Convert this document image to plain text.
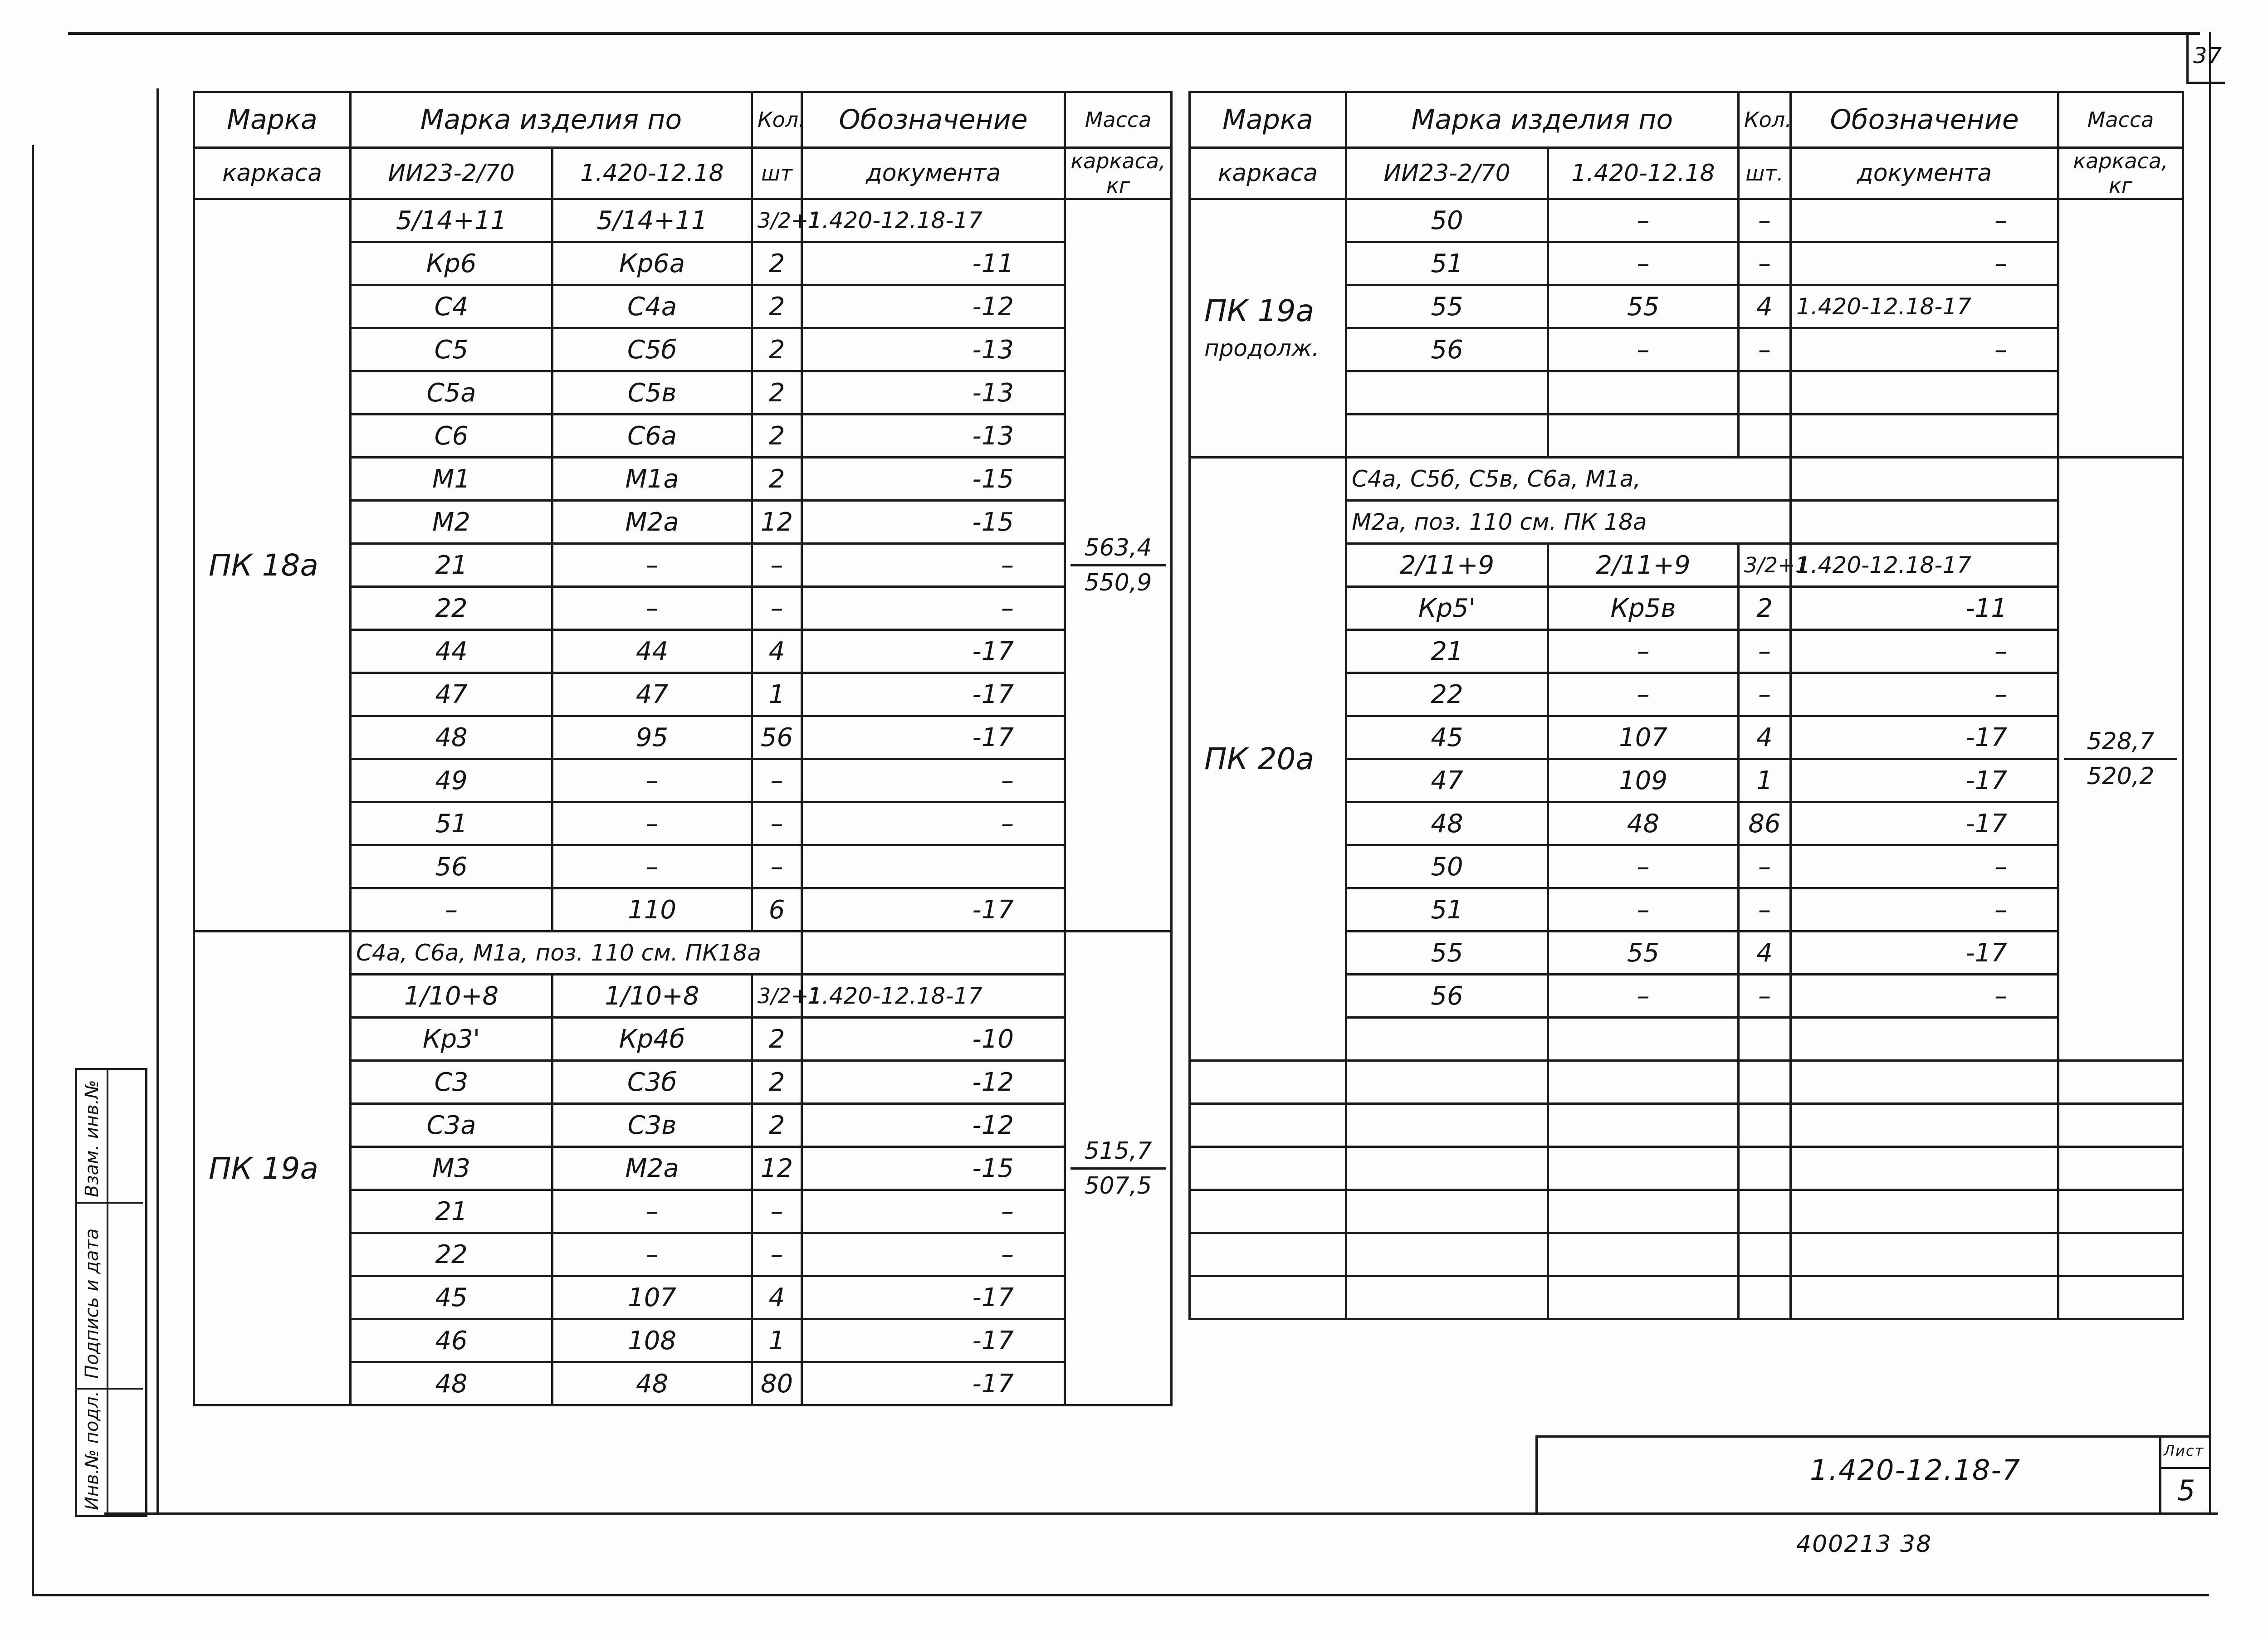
37
Инв.№ подл.
Подпись и дата
Взам. инв.№
Марка	Марка изделия по		Кол.	Обозначение	Масса
каркаса	ИИ23-2/70	1.420-12.18	шт	документа	каркаса,
кг
ПК 18а	5/14+11	5/14+11	3/2+1	1.420-12.18-17	563,4
550,9

	Кр6	Кр6а	2	-11	
	С4	С4а	2	-12	
	С5	С5б	2	-13	
	С5а	С5в	2	-13	
	С6	С6а	2	-13	
	М1	М1а	2	-15	
	М2	М2а	12	-15	
	21	–	–	–	
	22	–	–	–	
	44	44	4	-17	
	47	47	1	-17	
	48	95	56	-17	
	49	–	–	–	
	51	–	–	–	
	56	–	–		
	–	110	6	-17	
ПК 19а	С4а, С6а, М1а, поз. 110 см. ПК18а				515,7
507,5

	1/10+8	1/10+8	3/2+1	1.420-12.18-17	
	Кр3'	Кр4б	2	-10	
	С3	С3б	2	-12	
	С3а	С3в	2	-12	
	М3	М2а	12	-15	
	21	–	–	–	
	22	–	–	–	
	45	107	4	-17	
	46	108	1	-17	
	48	48	80	-17	
Марка	Марка изделия по		Кол.	Обозначение	Масса
каркаса	ИИ23-2/70	1.420-12.18	шт.	документа	каркаса,
кг
ПК 19а
продолж.	50	–	–	–	
	51	–	–	–	
	55	55	4	1.420-12.18-17	
	56	–	–	–	

ПК 20а	С4а, С5б, С5в, С6а, М1а,				528,7
520,2

	М2а, поз. 110 см. ПК 18а				
	2/11+9	2/11+9	3/2+1	1.420-12.18-17	
	Кр5'	Кр5в	2	-11	
	21	–	–	–	
	22	–	–	–	
	45	107	4	-17	
	47	109	1	-17	
	48	48	86	-17	
	50	–	–	–	
	51	–	–	–	
	55	55	4	-17	
	56	–	–	–	

1.420-12.18-7
Лист
5
400213 38
